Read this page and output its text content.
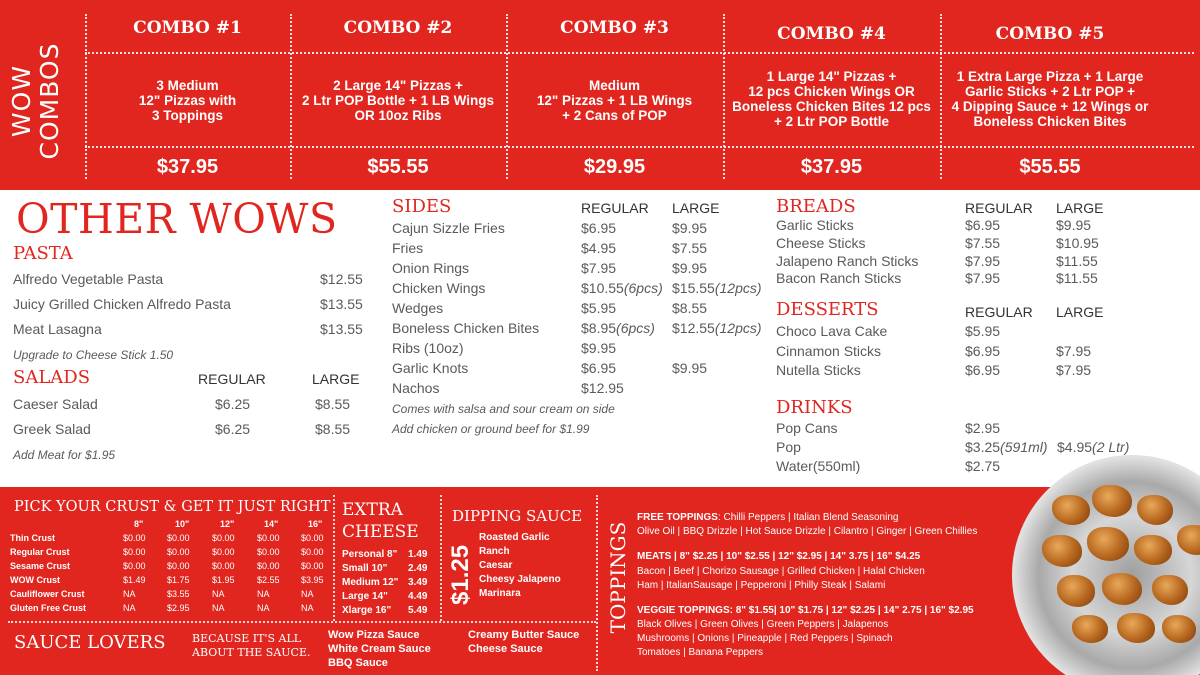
WOW COMBOS
COMBO #1
3 Medium
12" Pizzas with
3 Toppings
$37.95
COMBO #2
2 Large 14" Pizzas +
2 Ltr POP Bottle + 1 LB Wings
OR 10oz Ribs
$55.55
COMBO #3
Medium
12" Pizzas + 1 LB Wings
+ 2 Cans of POP
$29.95
COMBO #4
1 Large 14" Pizzas +
12 pcs Chicken Wings OR
Boneless Chicken Bites 12 pcs
+ 2 Ltr POP Bottle
$37.95
COMBO #5
1 Extra Large Pizza + 1 Large
Garlic Sticks + 2 Ltr POP +
4 Dipping Sauce + 12 Wings or
Boneless Chicken Bites
$55.55
OTHER WOWS
PASTA
Alfredo Vegetable Pasta	$12.55
Juicy Grilled Chicken Alfredo Pasta	$13.55
Meat Lasagna	$13.55
Upgrade to Cheese Stick 1.50
SALADS	REGULAR	LARGE
Caeser Salad	$6.25	$8.55
Greek Salad	$6.25	$8.55
Add Meat for $1.95
SIDES	REGULAR LARGE
Cajun Sizzle Fries	$6.95	$9.95
Fries	$4.95	$7.55
Onion Rings	$7.95	$9.95
Chicken Wings	$10.55(6pcs) $15.55(12pcs)
Wedges	$5.95	$8.55
Boneless Chicken Bites	$8.95(6pcs) $12.55(12pcs)
Ribs (10oz)	$9.95
Garlic Knots	$6.95	$9.95
Nachos	$12.95
Comes with salsa and sour cream on side
Add chicken or ground beef for $1.99
BREADS	REGULAR LARGE
Garlic Sticks	$6.95	$9.95
Cheese Sticks	$7.55	$10.95
Jalapeno Ranch Sticks	$7.95	$11.55
Bacon Ranch Sticks	$7.95	$11.55
DESSERTS	REGULAR LARGE
Choco Lava Cake	$5.95
Cinnamon Sticks	$6.95	$7.95
Nutella Sticks	$6.95	$7.95
DRINKS
Pop Cans	$2.95
Pop	$3.25(591ml) $4.95(2 Ltr)
Water(550ml)	$2.75
PICK YOUR CRUST & GET IT JUST RIGHT
8"	10"	12"	14"	16"
Thin Crust	$0.00 $0.00 $0.00 $0.00 $0.00
Regular Crust	$0.00 $0.00 $0.00 $0.00 $0.00
Sesame Crust	$0.00 $0.00 $0.00 $0.00 $0.00
WOW Crust	$1.49 $1.75 $1.95 $2.55 $3.95
Cauliflower Crust	NA	$3.55 NA	NA	NA
Gluten Free Crust	NA	$2.95 NA	NA	NA
EXTRA CHEESE
Personal 8" 1.49
Small 10" 2.49
Medium 12" 3.49
Large 14" 4.49
Xlarge 16" 5.49
DIPPING SAUCE
$1.25
Roasted Garlic
Ranch
Caesar
Cheesy Jalapeno
Marinara
SAUCE LOVERS BECAUSE IT'S ALL ABOUT THE SAUCE.
Wow Pizza Sauce
White Cream Sauce
BBQ Sauce
Creamy Butter Sauce
Cheese Sauce
TOPPINGS
FREE TOPPINGS: Chilli Peppers | Italian Blend Seasoning
Olive Oil | BBQ Drizzle | Hot Sauce Drizzle | Cilantro | Ginger | Green Chillies
MEATS | 8" $2.25 | 10" $2.55 | 12" $2.95 | 14" 3.75 | 16" $4.25
Bacon | Beef | Chorizo Sausage | Grilled Chicken | Halal Chicken
Ham | ItalianSausage | Pepperoni | Philly Steak | Salami
VEGGIE TOPPINGS: 8" $1.55| 10" $1.75 | 12" $2.25 | 14" 2.75 | 16" $2.95
Black Olives | Green Olives | Green Peppers | Jalapenos
Mushrooms | Onions | Pineapple | Red Peppers | Spinach
Tomatoes | Banana Peppers
